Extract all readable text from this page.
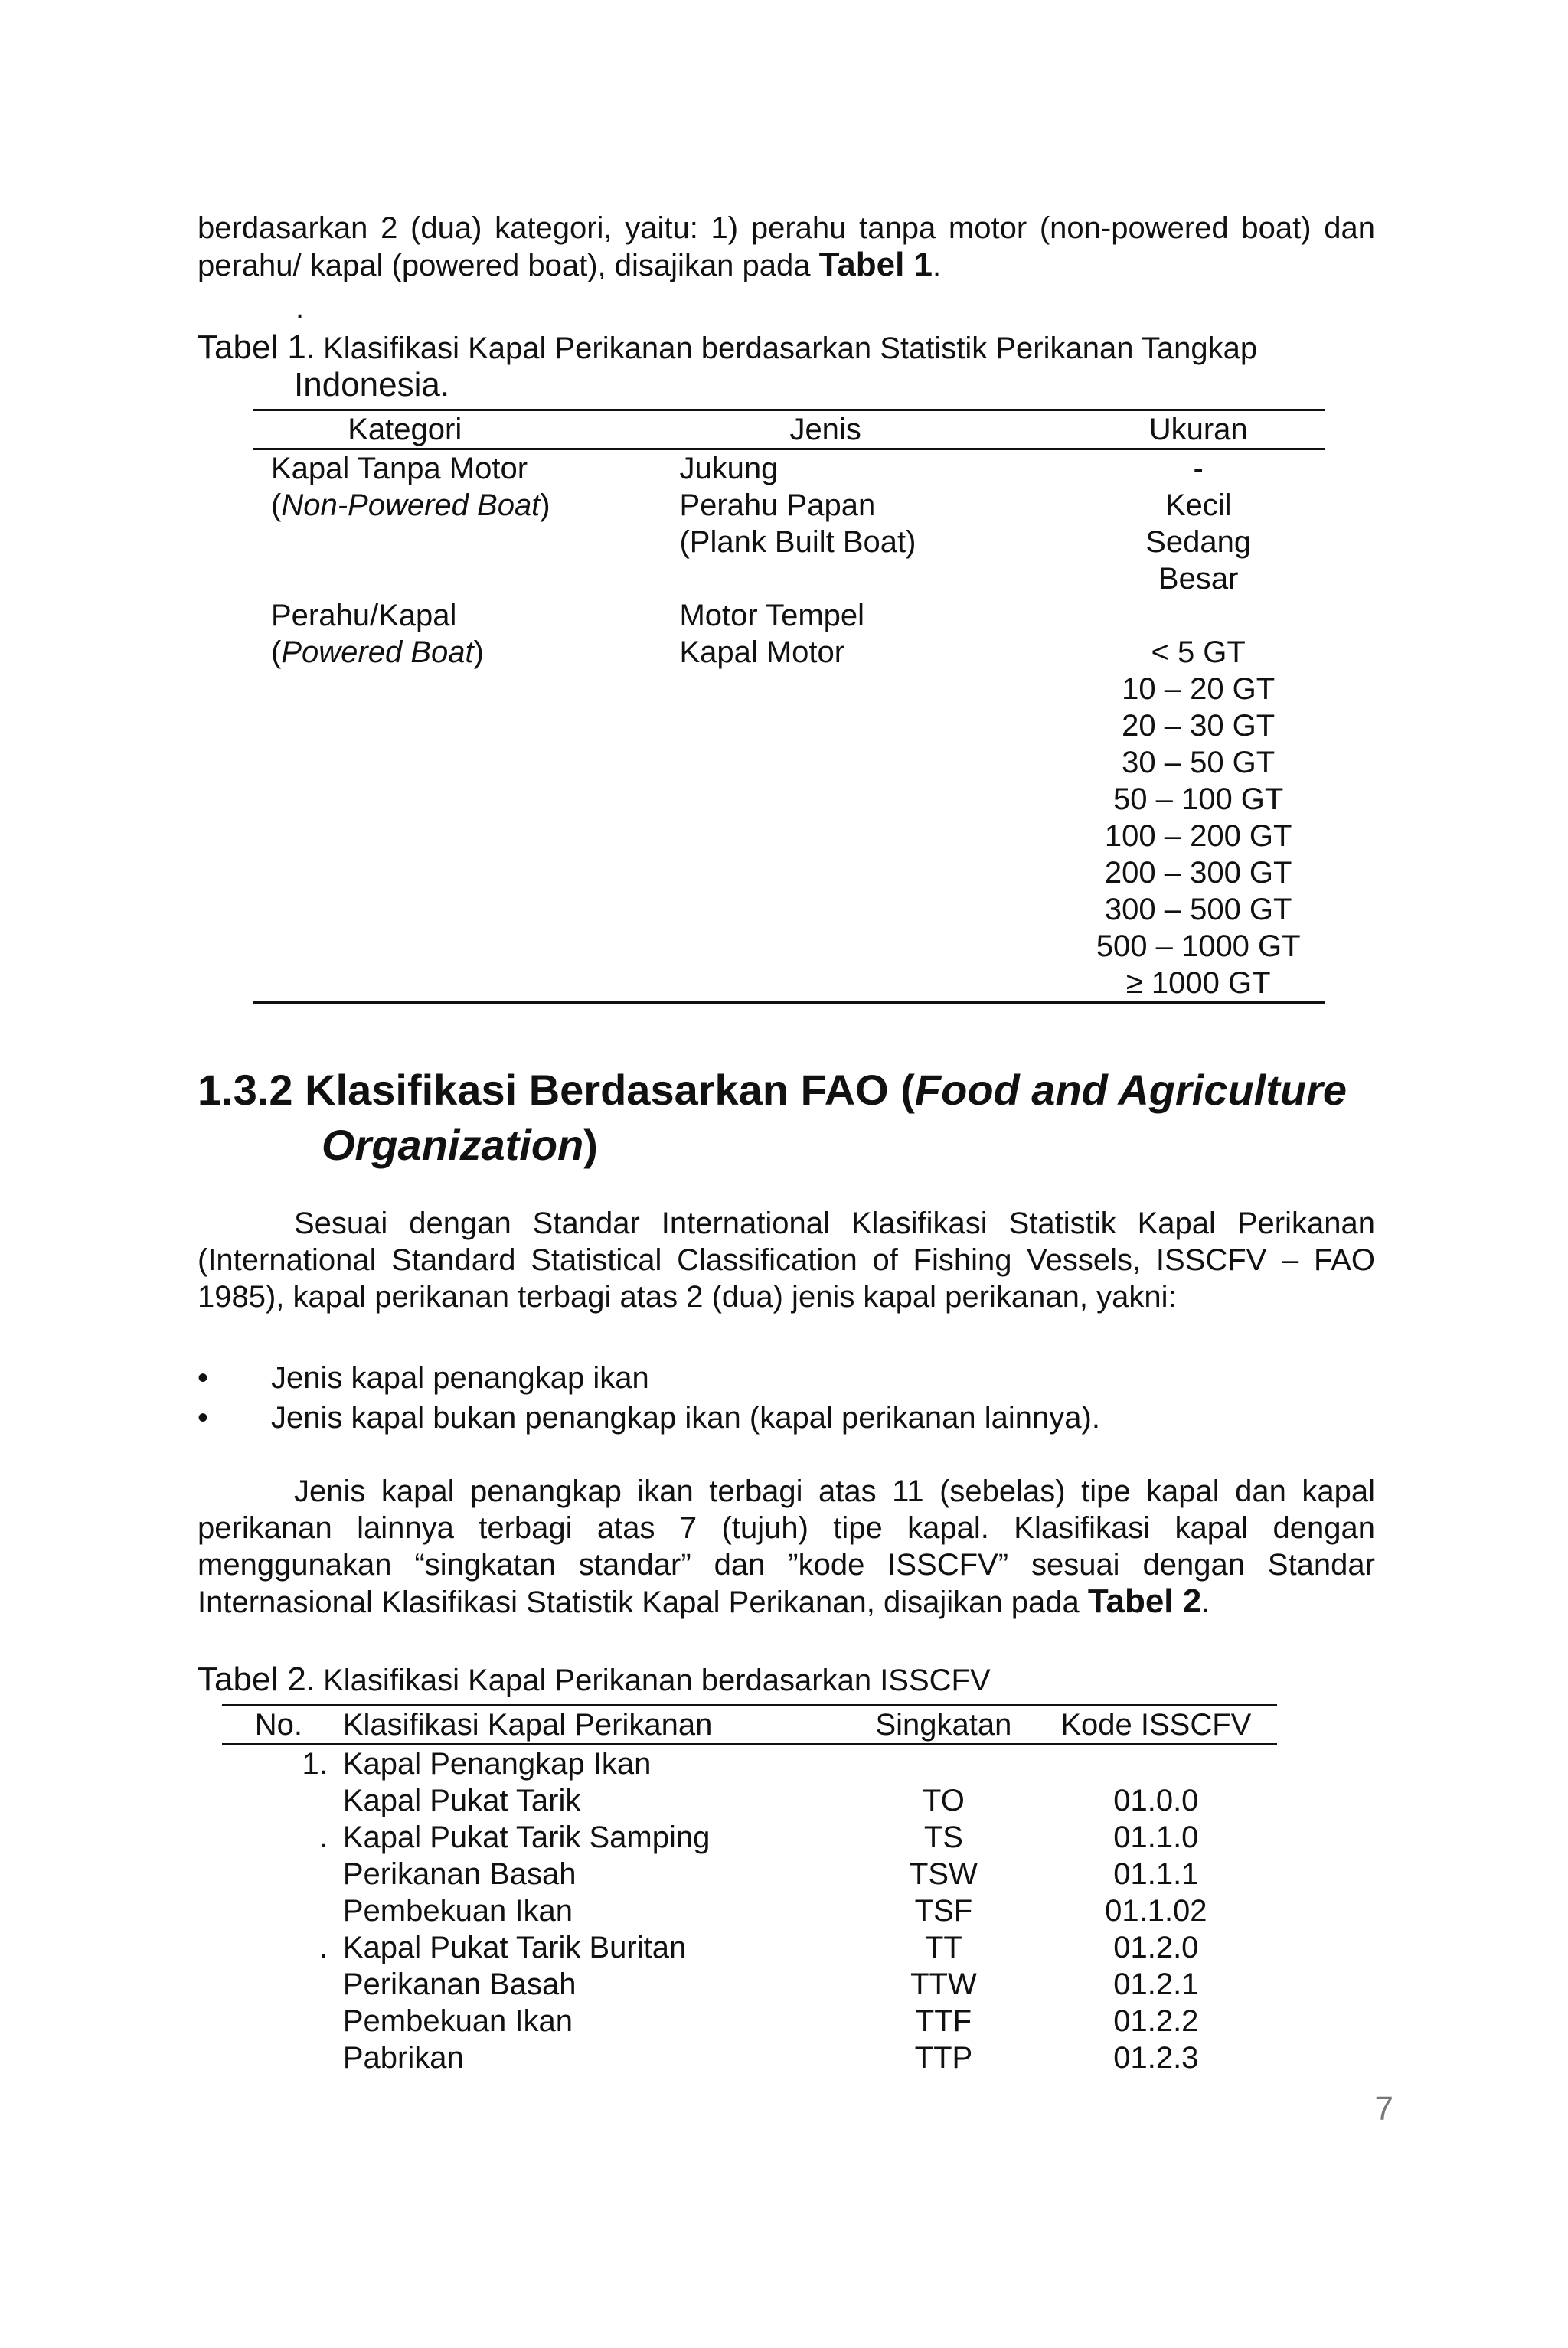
berdasarkan 2 (dua) kategori, yaitu: 1) perahu tanpa motor (non-powered boat) dan perahu/ kapal (powered boat), disajikan pada Tabel 1.

.
Tabel 1. Klasifikasi Kapal Perikanan berdasarkan Statistik Perikanan Tangkap
Indonesia.
Kategori	Jenis	Ukuran
Kapal Tanpa Motor	Jukung	-
(Non-Powered Boat)	Perahu Papan	Kecil
	(Plank Built Boat)	Sedang
		Besar
Perahu/Kapal	Motor Tempel	
(Powered Boat)	Kapal Motor	< 5 GT
		10 – 20 GT
		20 – 30 GT
		30 – 50 GT
		50 – 100 GT
		100 – 200 GT
		200 – 300 GT
		300 – 500 GT
		500 – 1000 GT
		≥ 1000 GT
1.3.2 Klasifikasi Berdasarkan FAO (Food and Agriculture
Organization)

Sesuai dengan Standar International Klasifikasi Statistik Kapal Perikanan (International Standard Statistical Classification of Fishing Vessels, ISSCFV – FAO 1985), kapal perikanan terbagi atas 2 (dua) jenis kapal perikanan, yakni:

• Jenis kapal penangkap ikan
• Jenis kapal bukan penangkap ikan (kapal perikanan lainnya).

Jenis kapal penangkap ikan terbagi atas 11 (sebelas) tipe kapal dan kapal perikanan lainnya terbagi atas 7 (tujuh) tipe kapal. Klasifikasi kapal dengan menggunakan “singkatan standar” dan ”kode ISSCFV” sesuai dengan Standar Internasional Klasifikasi Statistik Kapal Perikanan, disajikan pada Tabel 2.

Tabel 2. Klasifikasi Kapal Perikanan berdasarkan ISSCFV
No.	Klasifikasi Kapal Perikanan	Singkatan	Kode ISSCFV
1.	Kapal Penangkap Ikan		
	Kapal Pukat Tarik	TO	01.0.0
.	Kapal Pukat Tarik Samping	TS	01.1.0
	Perikanan Basah	TSW	01.1.1
	Pembekuan Ikan	TSF	01.1.02
.	Kapal Pukat Tarik Buritan	TT	01.2.0
	Perikanan Basah	TTW	01.2.1
	Pembekuan Ikan	TTF	01.2.2
	Pabrikan	TTP	01.2.3
7
